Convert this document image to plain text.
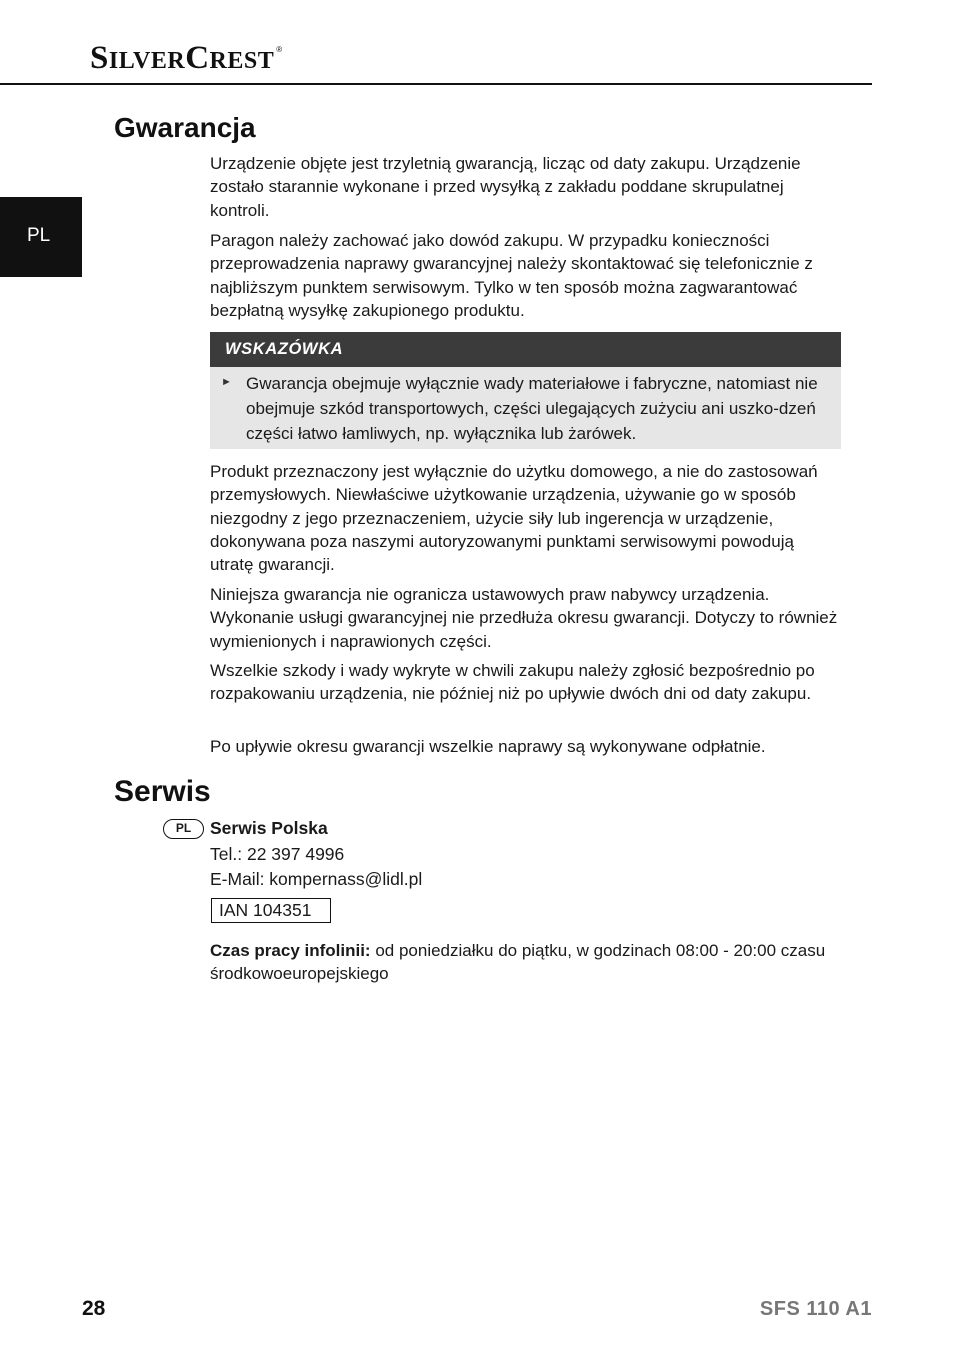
SILVERCREST ®
PL
Gwarancja

Urządzenie objęte jest trzyletnią gwarancją, licząc od daty zakupu. Urządzenie zostało starannie wykonane i przed wysyłką z zakładu poddane skrupulatnej kontroli.

Paragon należy zachować jako dowód zakupu. W przypadku konieczności przeprowadzenia naprawy gwarancyjnej należy skontaktować się telefonicznie z najbliższym punktem serwisowym. Tylko w ten sposób można zagwarantować bezpłatną wysyłkę zakupionego produktu.

WSKAZÓWKA
► Gwarancja obejmuje wyłącznie wady materiałowe i fabryczne, natomiast nie obejmuje szkód transportowych, części ulegających zużyciu ani uszko-dzeń części łatwo łamliwych, np. wyłącznika lub żarówek.

Produkt przeznaczony jest wyłącznie do użytku domowego, a nie do zastosowań przemysłowych. Niewłaściwe użytkowanie urządzenia, używanie go w sposób niezgodny z jego przeznaczeniem, użycie siły lub ingerencja w urządzenie, dokonywana poza naszymi autoryzowanymi punktami serwisowymi powodują utratę gwarancji.

Niniejsza gwarancja nie ogranicza ustawowych praw nabywcy urządzenia. Wykonanie usługi gwarancyjnej nie przedłuża okresu gwarancji. Dotyczy to również wymienionych i naprawionych części.

Wszelkie szkody i wady wykryte w chwili zakupu należy zgłosić bezpośrednio po rozpakowaniu urządzenia, nie później niż po upływie dwóch dni od daty zakupu.

Po upływie okresu gwarancji wszelkie naprawy są wykonywane odpłatnie.

Serwis
PL	Serwis Polska
Tel.: 22 397 4996
E-Mail: kompernass@lidl.pl
IAN 104351

Czas pracy infolinii: od poniedziałku do piątku, w godzinach 08:00 - 20:00 czasu środkowoeuropejskiego

28	SFS 110 A1
